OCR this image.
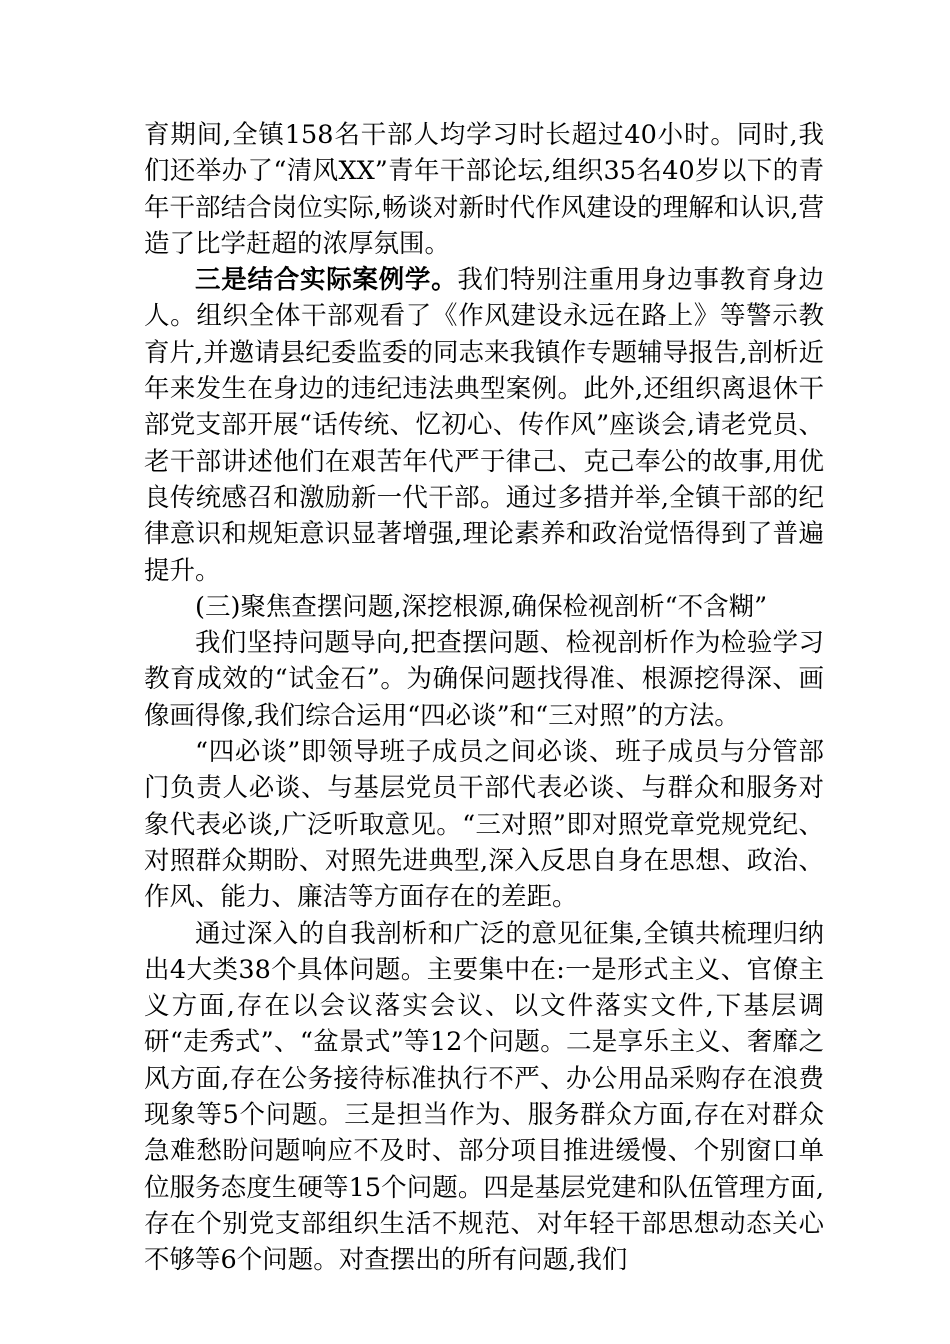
育期间,全镇158名干部人均学习时长超过40小时。同时,我们还举办了“清风XX”青年干部论坛,组织35名40岁以下的青年干部结合岗位实际,畅谈对新时代作风建设的理解和认识,营造了比学赶超的浓厚氛围。

三是结合实际案例学。我们特别注重用身边事教育身边人。组织全体干部观看了《作风建设永远在路上》等警示教育片,并邀请县纪委监委的同志来我镇作专题辅导报告,剖析近年来发生在身边的违纪违法典型案例。此外,还组织离退休干部党支部开展“话传统、忆初心、传作风”座谈会,请老党员、老干部讲述他们在艰苦年代严于律己、克己奉公的故事,用优良传统感召和激励新一代干部。通过多措并举,全镇干部的纪律意识和规矩意识显著增强,理论素养和政治觉悟得到了普遍提升。

(三)聚焦查摆问题,深挖根源,确保检视剖析“不含糊”

我们坚持问题导向,把查摆问题、检视剖析作为检验学习教育成效的“试金石”。为确保问题找得准、根源挖得深、画像画得像,我们综合运用“四必谈”和“三对照”的方法。

“四必谈”即领导班子成员之间必谈、班子成员与分管部门负责人必谈、与基层党员干部代表必谈、与群众和服务对象代表必谈,广泛听取意见。“三对照”即对照党章党规党纪、对照群众期盼、对照先进典型,深入反思自身在思想、政治、作风、能力、廉洁等方面存在的差距。

通过深入的自我剖析和广泛的意见征集,全镇共梳理归纳出4大类38个具体问题。主要集中在:一是形式主义、官僚主义方面,存在以会议落实会议、以文件落实文件,下基层调研“走秀式”、“盆景式”等12个问题。二是享乐主义、奢靡之风方面,存在公务接待标准执行不严、办公用品采购存在浪费现象等5个问题。三是担当作为、服务群众方面,存在对群众急难愁盼问题响应不及时、部分项目推进缓慢、个别窗口单位服务态度生硬等15个问题。四是基层党建和队伍管理方面,存在个别党支部组织生活不规范、对年轻干部思想动态关心不够等6个问题。对查摆出的所有问题,我们
